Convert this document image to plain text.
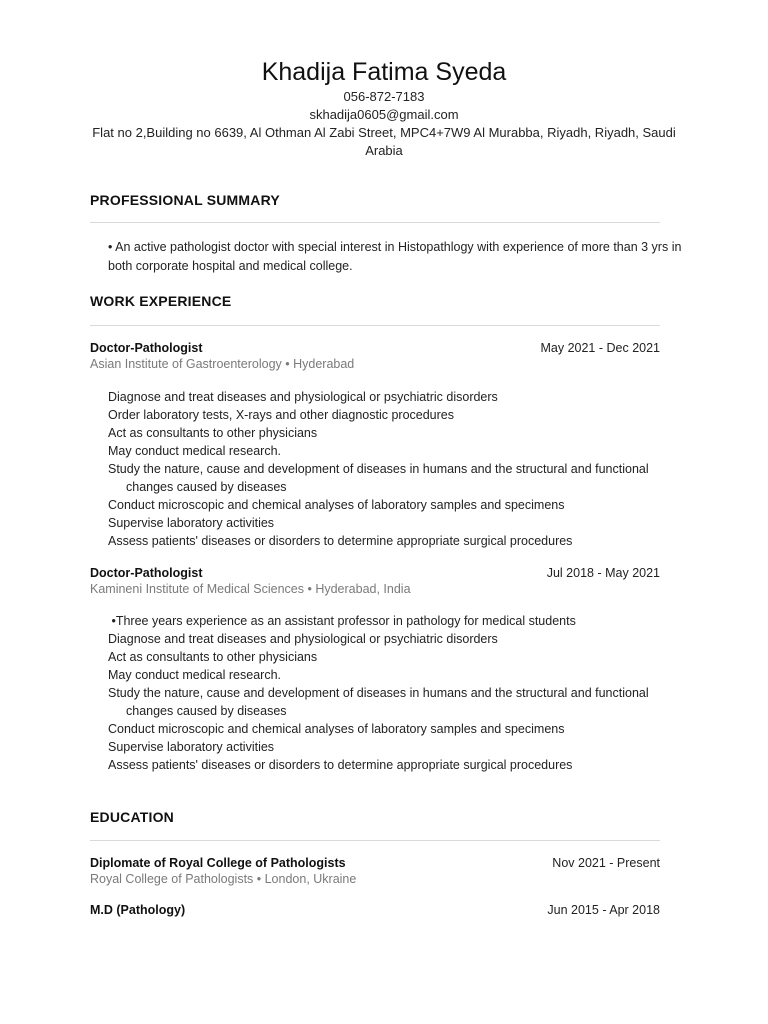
Khadija Fatima Syeda
056-872-7183
skhadija0605@gmail.com
Flat no 2,Building no 6639, Al Othman Al Zabi Street, MPC4+7W9 Al Murabba, Riyadh, Riyadh, Saudi Arabia
PROFESSIONAL SUMMARY
• An active pathologist doctor with special interest in Histopathlogy with experience of more than 3 yrs in both corporate hospital and medical college.
WORK EXPERIENCE
Doctor-Pathologist	May 2021 - Dec 2021
Asian Institute of Gastroenterology • Hyderabad
Diagnose and treat diseases and physiological or psychiatric disorders
Order laboratory tests, X-rays and other diagnostic procedures
Act as consultants to other physicians
May conduct medical research.
Study the nature, cause and development of diseases in humans and the structural and functional changes caused by diseases
Conduct microscopic and chemical analyses of laboratory samples and specimens
Supervise laboratory activities
Assess patients' diseases or disorders to determine appropriate surgical procedures
Doctor-Pathologist	Jul 2018 - May 2021
Kamineni Institute of Medical Sciences • Hyderabad, India
•Three years experience as an assistant professor in pathology for medical students
Diagnose and treat diseases and physiological or psychiatric disorders
Act as consultants to other physicians
May conduct medical research.
Study the nature, cause and development of diseases in humans and the structural and functional changes caused by diseases
Conduct microscopic and chemical analyses of laboratory samples and specimens
Supervise laboratory activities
Assess patients' diseases or disorders to determine appropriate surgical procedures
EDUCATION
Diplomate of Royal College of Pathologists	Nov 2021 - Present
Royal College of Pathologists • London, Ukraine
M.D (Pathology)	Jun 2015 - Apr 2018
